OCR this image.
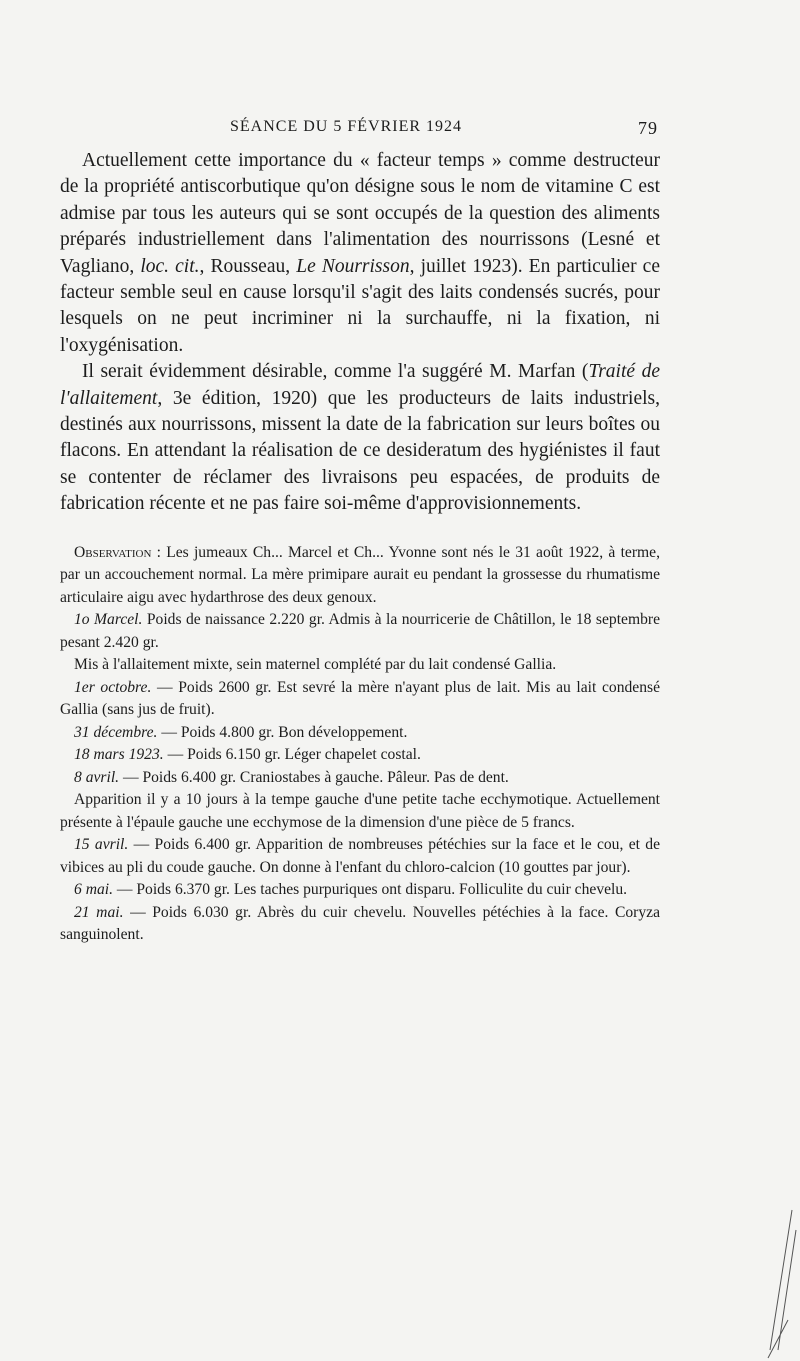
SÉANCE DU 5 FÉVRIER 1924	79

Actuellement cette importance du « facteur temps » comme destructeur de la propriété antiscorbutique qu'on désigne sous le nom de vitamine C est admise par tous les auteurs qui se sont occupés de la question des aliments préparés industriellement dans l'alimentation des nourrissons (Lesné et Vagliano, loc. cit., Rousseau, Le Nourrisson, juillet 1923). En particulier ce facteur semble seul en cause lorsqu'il s'agit des laits condensés sucrés, pour lesquels on ne peut incriminer ni la surchauffe, ni la fixation, ni l'oxygénisation.

Il serait évidemment désirable, comme l'a suggéré M. Marfan (Traité de l'allaitement, 3e édition, 1920) que les producteurs de laits industriels, destinés aux nourrissons, missent la date de la fabrication sur leurs boîtes ou flacons. En attendant la réalisation de ce desideratum des hygiénistes il faut se contenter de réclamer des livraisons peu espacées, de produits de fabrication récente et ne pas faire soi-même d'approvisionnements.

Observation : Les jumeaux Ch... Marcel et Ch... Yvonne sont nés le 31 août 1922, à terme, par un accouchement normal. La mère primipare aurait eu pendant la grossesse du rhumatisme articulaire aigu avec hydarthrose des deux genoux.

1o Marcel. Poids de naissance 2.220 gr. Admis à la nourricerie de Châtillon, le 18 septembre pesant 2.420 gr.

Mis à l'allaitement mixte, sein maternel complété par du lait condensé Gallia.

1er octobre. — Poids 2600 gr. Est sevré la mère n'ayant plus de lait. Mis au lait condensé Gallia (sans jus de fruit).

31 décembre. — Poids 4.800 gr. Bon développement.

18 mars 1923. — Poids 6.150 gr. Léger chapelet costal.

8 avril. — Poids 6.400 gr. Craniostabes à gauche. Pâleur. Pas de dent.

Apparition il y a 10 jours à la tempe gauche d'une petite tache ecchymotique. Actuellement présente à l'épaule gauche une ecchymose de la dimension d'une pièce de 5 francs.

15 avril. — Poids 6.400 gr. Apparition de nombreuses pétéchies sur la face et le cou, et de vibices au pli du coude gauche. On donne à l'enfant du chloro-calcion (10 gouttes par jour).

6 mai. — Poids 6.370 gr. Les taches purpuriques ont disparu. Folliculite du cuir chevelu.

21 mai. — Poids 6.030 gr. Abrès du cuir chevelu. Nouvelles pétéchies à la face. Coryza sanguinolent.
